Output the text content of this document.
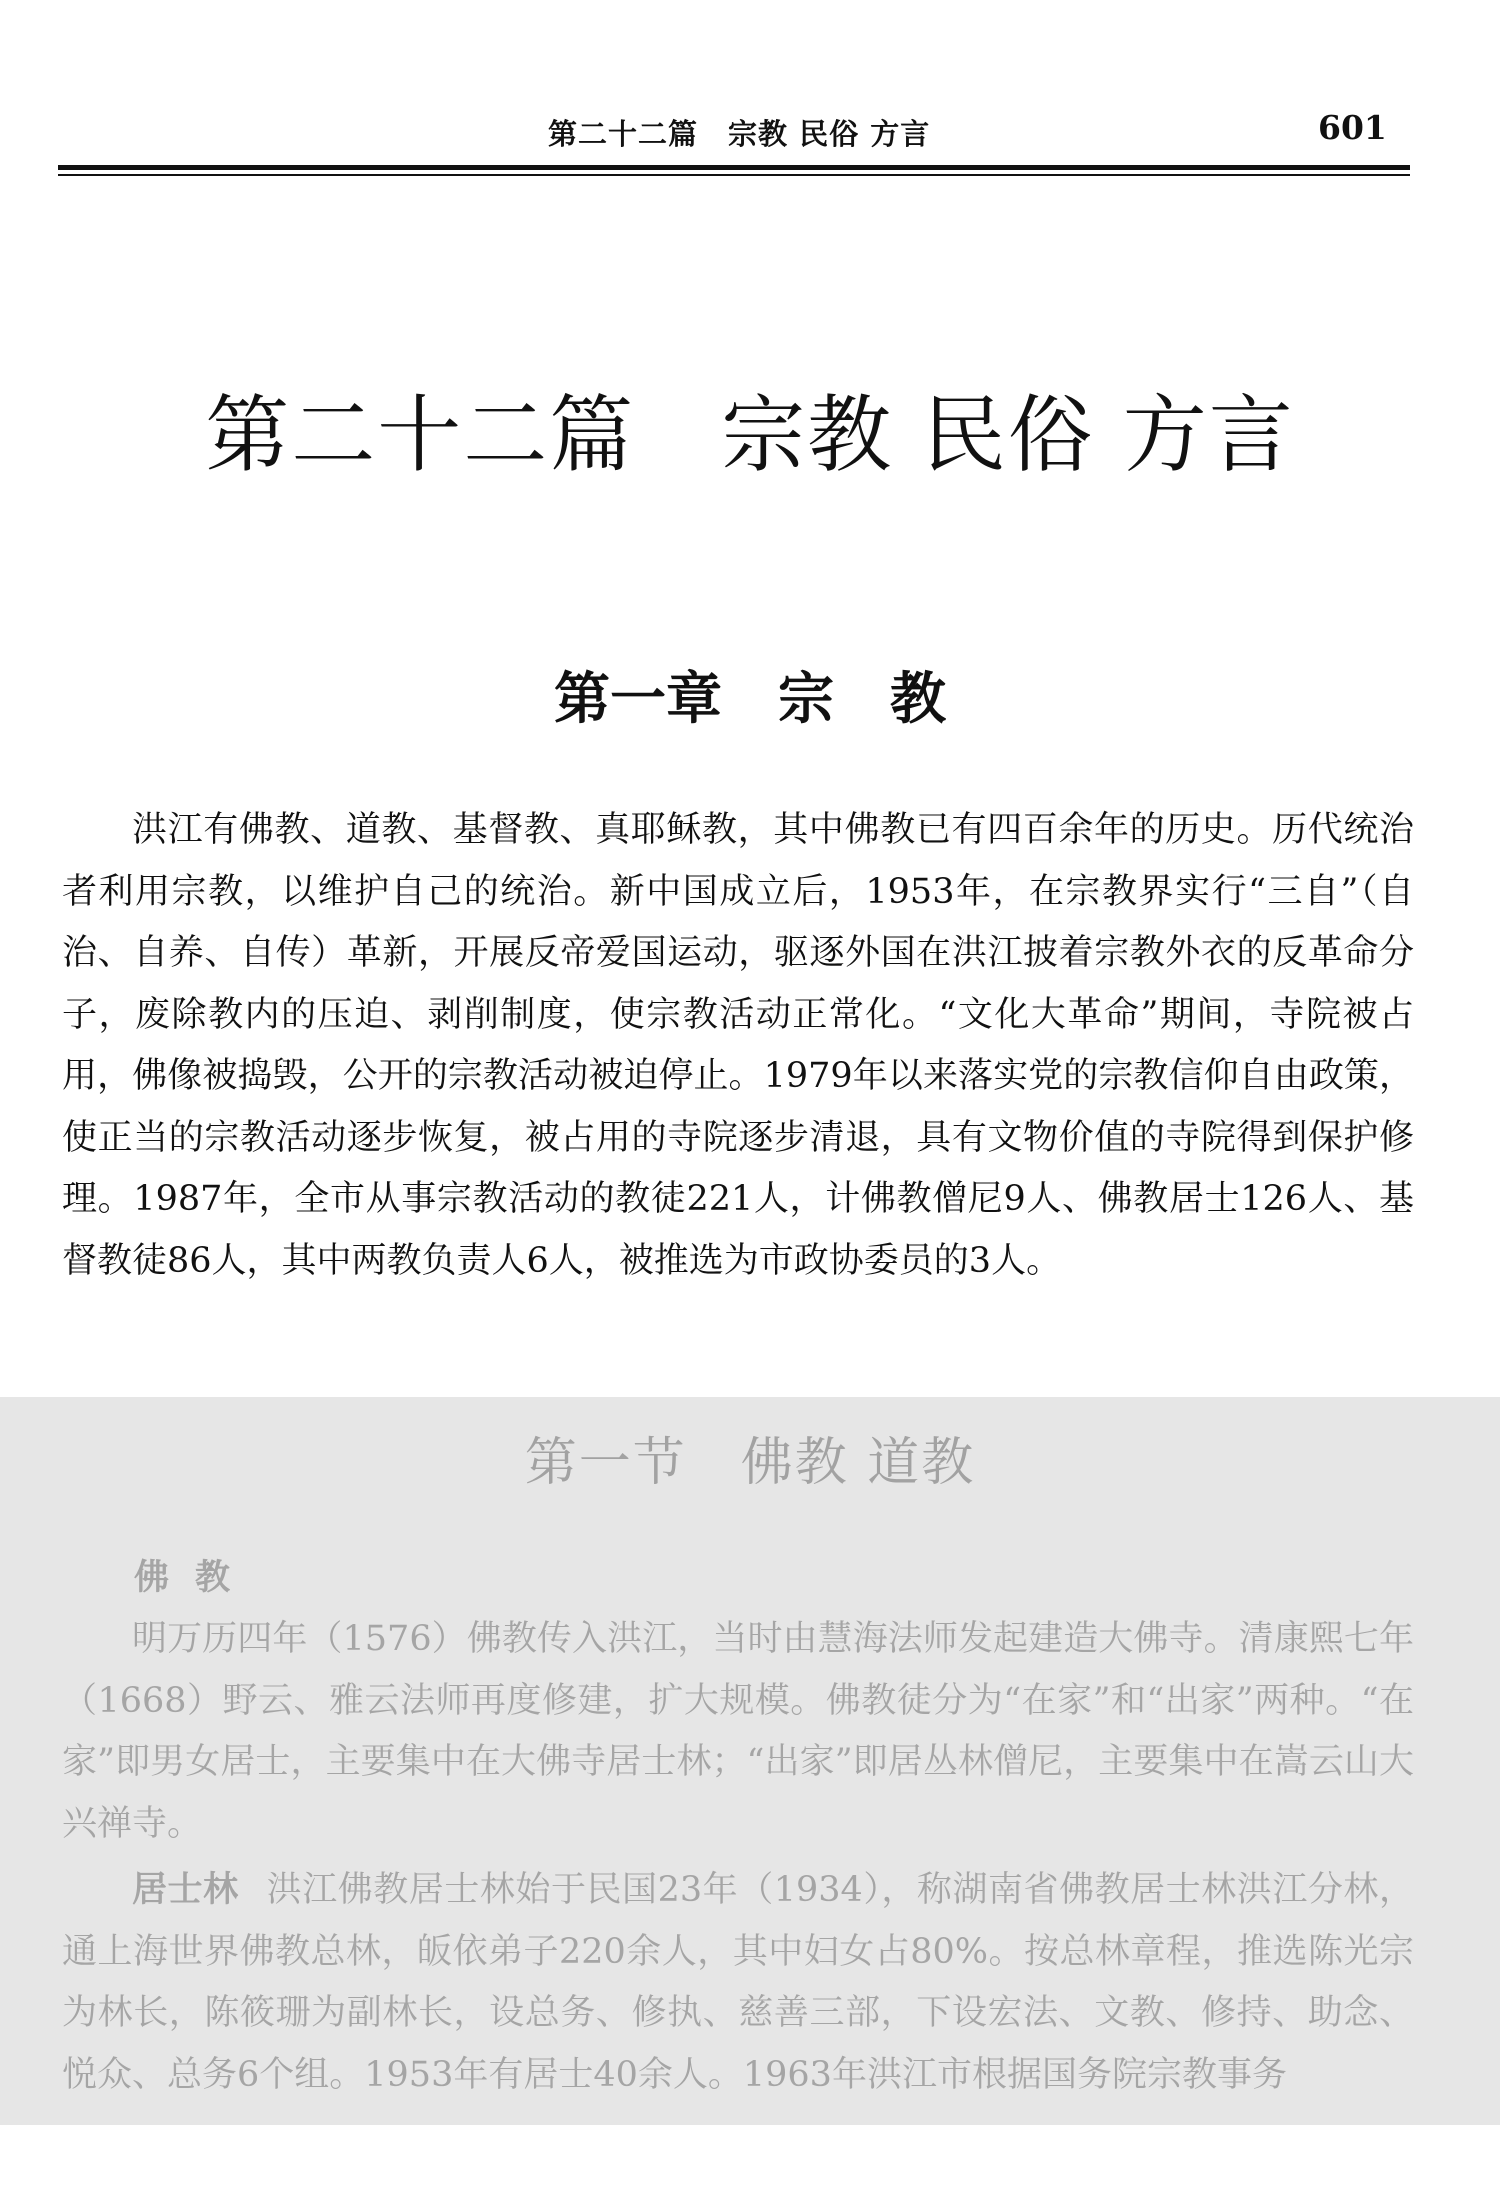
第二十二篇　宗教 民俗 方言	601
第二十二篇　宗教 民俗 方言
第一章　宗　教

洪江有佛教、道教、基督教、真耶稣教，其中佛教已有四百余年的历史。历代统治者利用宗教，以维护自己的统治。新中国成立后，1953年，在宗教界实行“三自”（自治、自养、自传）革新，开展反帝爱国运动，驱逐外国在洪江披着宗教外衣的反革命分子，废除教内的压迫、剥削制度，使宗教活动正常化。“文化大革命”期间，寺院被占用，佛像被捣毁，公开的宗教活动被迫停止。1979年以来落实党的宗教信仰自由政策，使正当的宗教活动逐步恢复，被占用的寺院逐步清退，具有文物价值的寺院得到保护修理。1987年，全市从事宗教活动的教徒221人，计佛教僧尼9人、佛教居士126人、基督教徒86人，其中两教负责人6人，被推选为市政协委员的3人。

第一节　佛教 道教
佛教

明万历四年（1576）佛教传入洪江，当时由慧海法师发起建造大佛寺。清康熙七年（1668）野云、雅云法师再度修建，扩大规模。佛教徒分为“在家”和“出家”两种。“在家”即男女居士，主要集中在大佛寺居士林；“出家”即居丛林僧尼，主要集中在嵩云山大兴禅寺。

居士林 洪江佛教居士林始于民国23年（1934），称湖南省佛教居士林洪江分林，通上海世界佛教总林，皈依弟子220余人，其中妇女占80%。按总林章程，推选陈光宗为林长，陈筱珊为副林长，设总务、修执、慈善三部，下设宏法、文教、修持、助念、悦众、总务6个组。1953年有居士40余人。1963年洪江市根据国务院宗教事务
